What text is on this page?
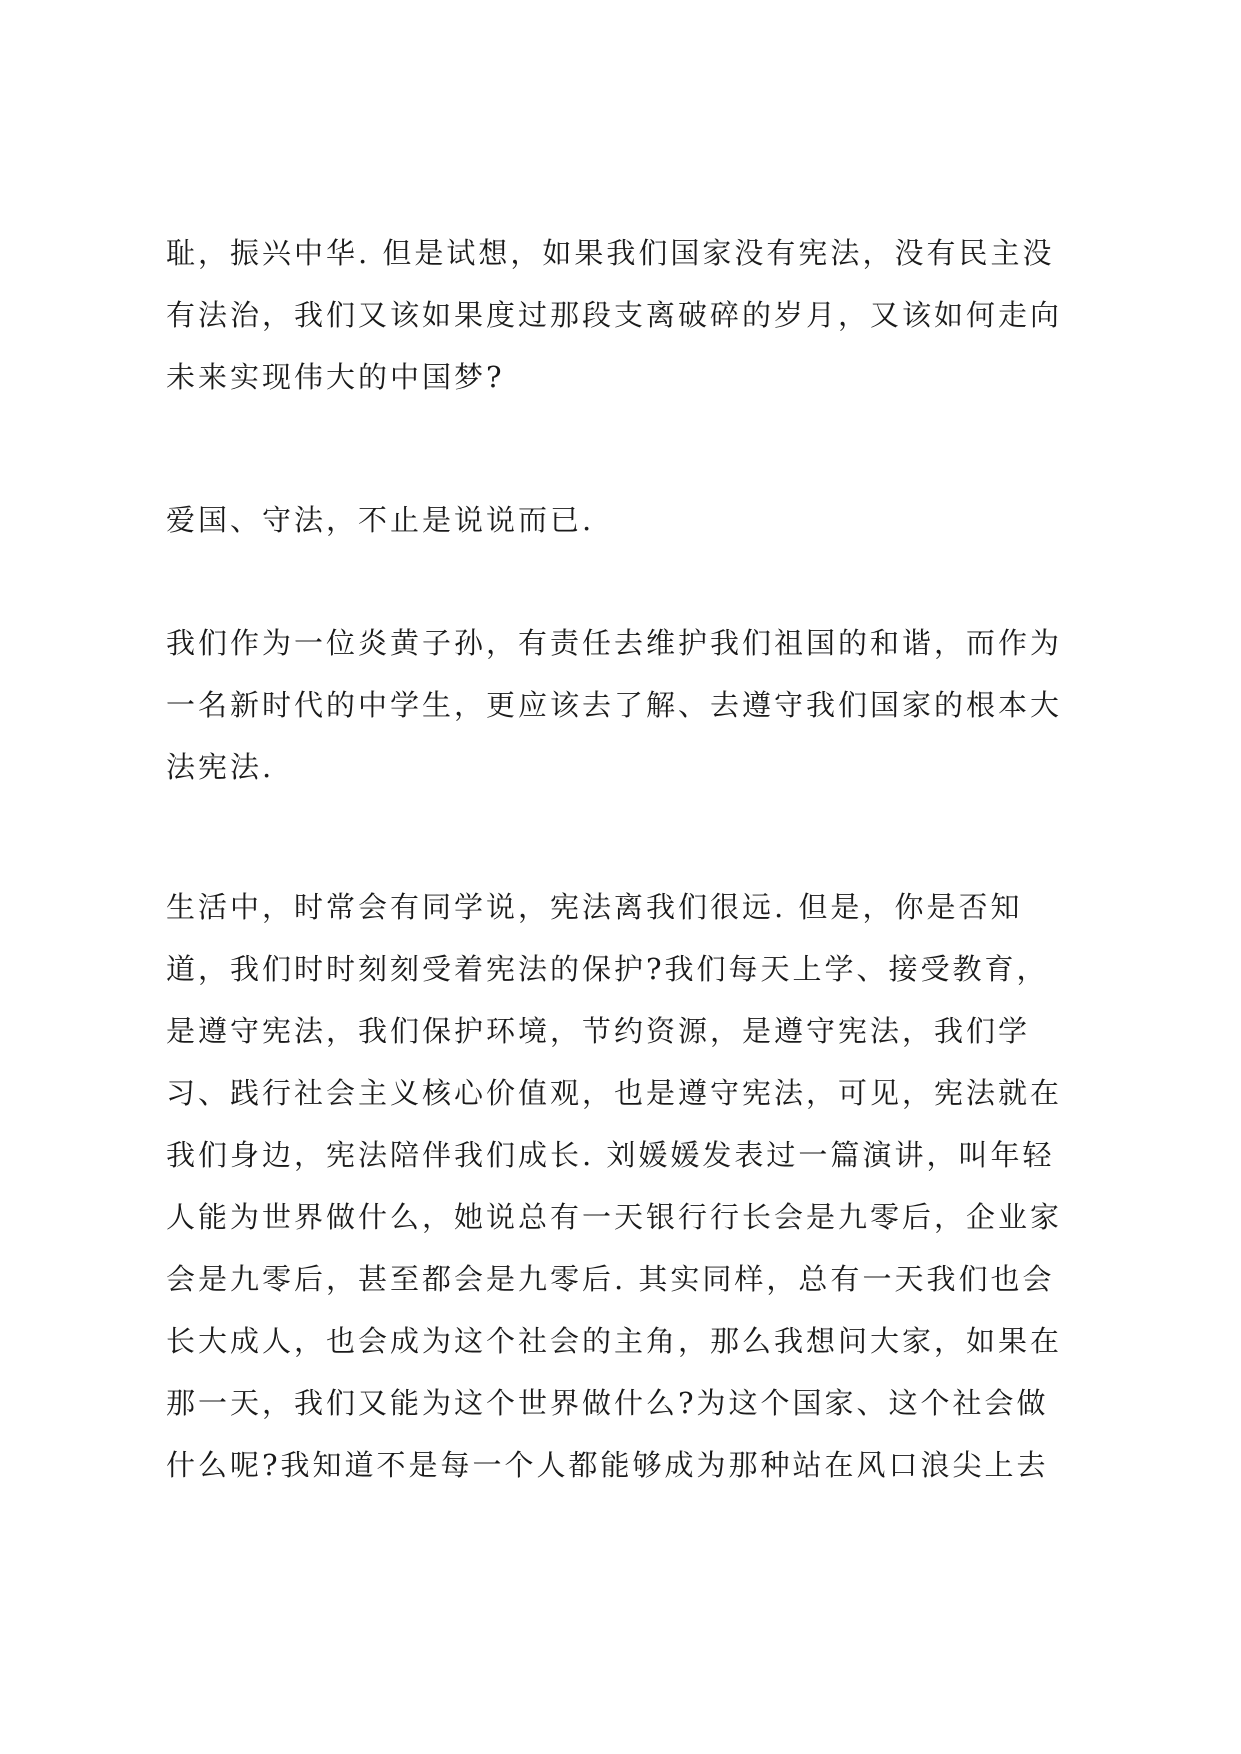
耻，振兴中华. 但是试想，如果我们国家没有宪法，没有民主没
有法治，我们又该如果度过那段支离破碎的岁月，又该如何走向
未来实现伟大的中国梦?
爱国、守法，不止是说说而已.
我们作为一位炎黄子孙，有责任去维护我们祖国的和谐，而作为
一名新时代的中学生，更应该去了解、去遵守我们国家的根本大
法宪法.
生活中，时常会有同学说，宪法离我们很远. 但是，你是否知
道，我们时时刻刻受着宪法的保护?我们每天上学、接受教育，
是遵守宪法，我们保护环境，节约资源，是遵守宪法，我们学
习、践行社会主义核心价值观，也是遵守宪法，可见，宪法就在
我们身边，宪法陪伴我们成长. 刘媛媛发表过一篇演讲，叫年轻
人能为世界做什么，她说总有一天银行行长会是九零后，企业家
会是九零后，甚至都会是九零后. 其实同样，总有一天我们也会
长大成人，也会成为这个社会的主角，那么我想问大家，如果在
那一天，我们又能为这个世界做什么?为这个国家、这个社会做
什么呢?我知道不是每一个人都能够成为那种站在风口浪尖上去
